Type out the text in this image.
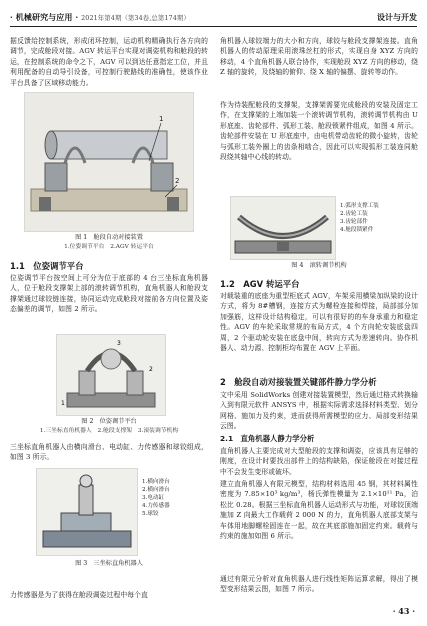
· 机械研究与应用 · 2021年第4期（第34卷,总第174期）	设计与开发
据反馈给控制系统，形成闭环控制，运动机构精确执行各方向的调节，完成舱段对接。AGV 转运平台实现对调姿机构和舱段的转运，在控制系统的命令之下，AGV 可以到达任意指定工位，并且利用配备的自动导引设备，可控制行驶路线的准确性，使该作业平台具备了区域移动能力。
1
2
图 1　舱段自动对接装置
1.位姿调节平台　2.AGV 转运平台
1.1　位姿调节平台
位姿调节平台按空间上可分为位于底部的 4 台三坐标直角机器人，位于舱段支撑架上部的滚转调节机构，直角机器人和舱段支撑架通过球铰链连接，协同运动完成舱段对接前各方向位置及姿态偏差的调节，如图 2 所示。
1
2
3
图 2　位姿调节平台
1.三坐标直角机器人　2.舱段支撑架　3.滚装调节机构
三坐标直角机器人由横向滑台、电动缸、力传感器和球铰组成，如图 3 所示。
1.横向滑台
2.横向滑台
3.电动缸
4.力传感器
5.球铰
图 3　三坐标直角机器人
力传感器是为了获得在舱段调姿过程中每个直
角机器人球铰端力的大小和方向，球铰与舱段支撑架连接。直角机器人的传动原理采用滚珠丝杠的形式，实现自身 XYZ 方向的移动，4 个直角机器人联合协作，实现舱段 XYZ 方向的移动，绕 Z 轴的旋转，及绕轴的俯仰、绕 X 轴的偏摆、旋转等动作。
作为待装配舱段的支撑架，支撑架需要完成舱段的安装及固定工作，在支撑架的上端加装一个滚转调节机构，滚转调节机构由 U 形底座、齿轮部件、弧形工装、舱段锁紧件组成，如图 4 所示。齿轮部件安装在 U 形底座中，由电机带动齿轮的微小旋转，齿轮与弧形工装外圈上的齿条相啮合，因此可以实现弧形工装连同舱段绕其轴中心线的转动。
1.弧形支撑工装
2.齿轮工装
3.齿轮部件
4.舱段锁紧件
图 4　滚转调节机构
1.2　AGV 转运平台
对载装重的底座为重型柜底式 AGV，车架采用横梁加纵梁的设计方式，将为 8#槽钢，连接方式为螺栓连接和焊接，局部部分加加强筋，这样设计结构稳定，可以有很好的的车身承重力和稳定性。AGV 的车轮采取常规的布局方式，4 个方向轮安装底盘四周，2 个驱动轮安装在底盘中间，转向方式为差速转向。协作机器人、动力源、控制柜均布置在 AGV 上平面。
2　舱段自动对接装置关键部件静力学分析
文中采用 SolidWorks 创建对接装置模型，然后通过格式转换输入到有限元软件 ANSYS 中，根据实际需求选择材料类型、划分网格、施加力及约束，进而获得所需模型的应力、局部变形结果云图。
2.1　直角机器人静力学分析
直角机器人主要完成对大型舱段的支撑和调姿，应该具有足够的刚度，在设计时要找出部件上的结构缺陷，保证舱段在对接过程中不会发生变形或破坏。
建立直角机器人有限元模型，结构材料选用 45 钢，其材料属性密度为 7.85×10³ kg/m³，杨氏弹性模量为 2.1×10¹¹ Pa，泊松比 0.28。根据三坐标直角机器人运动形式与功能，对球铰顶端施加 Z 向最大工作载荷 2 000 N 的力，直角机器人底部支架与车体用地脚螺栓固连在一起，故在其底部施加固定约束。载荷与约束的施加如图 6 所示。
通过有限元分析对直角机器人进行线性矩阵运算求解，得出了模型变形结果云图，如图 7 所示。
· 43 ·
